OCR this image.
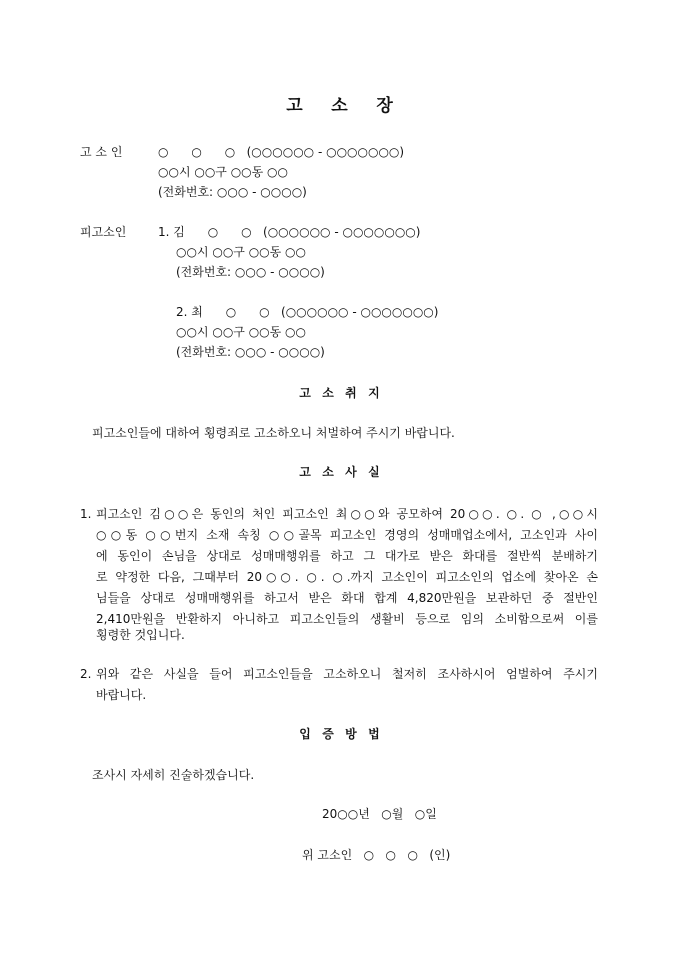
고    소    장
고 소 인	○      ○      ○   (○○○○○○ - ○○○○○○○)
○○시 ○○구 ○○동 ○○
(전화번호: ○○○ - ○○○○)
피고소인	1. 김      ○      ○   (○○○○○○ - ○○○○○○○)
○○시 ○○구 ○○동 ○○
(전화번호: ○○○ - ○○○○)
2. 최      ○      ○   (○○○○○○ - ○○○○○○○)
○○시 ○○구 ○○동 ○○
(전화번호: ○○○ - ○○○○)
고  소  취  지
피고소인들에 대하여 횡령죄로 고소하오니 처벌하여 주시기 바랍니다.
고  소  사  실
1. 피고소인 김○○은 동인의 처인 피고소인 최○○와 공모하여 20○○. ○. ○ ,○○시
○○동 ○○번지 소재 속칭 ○○골목 피고소인 경영의 성매매업소에서, 고소인과 사이
에 동인이 손님을 상대로 성매매행위를 하고 그 대가로 받은 화대를 절반씩 분배하기
로 약정한 다음, 그때부터 20○○. ○. ○.까지 고소인이 피고소인의 업소에 찾아온 손
님들을 상대로 성매매행위를 하고서 받은 화대 합계 4,820만원을 보관하던 중 절반인
2,410만원을 반환하지 아니하고 피고소인들의 생활비 등으로 임의 소비함으로써 이를
횡령한 것입니다.
2. 위와 같은 사실을 들어 피고소인들을 고소하오니 철저히 조사하시어 엄벌하여 주시기
바랍니다.
입  증  방  법
조사시 자세히 진술하겠습니다.
20○○년   ○월   ○일
위 고소인   ○   ○   ○   (인)
